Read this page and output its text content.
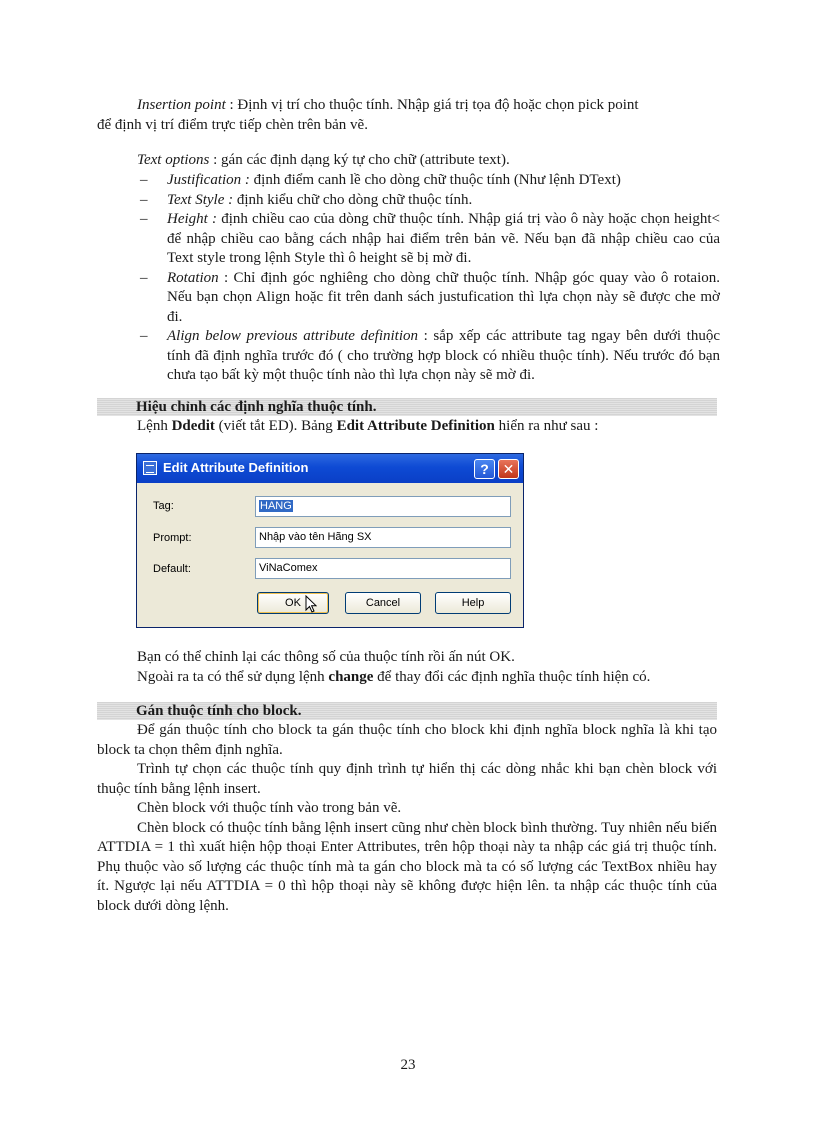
Insertion point : Định vị trí cho thuộc tính. Nhập giá trị tọa độ hoặc chọn pick point

để định vị trí điểm trực tiếp chèn trên bản vẽ.

Text options : gán các định dạng ký tự cho chữ (attribute text).

– Justification : định điểm canh lề cho dòng chữ thuộc tính (Như lệnh DText)
– Text Style : định kiểu chữ cho dòng chữ thuộc tính.
– Height : định chiều cao của dòng chữ thuộc tính. Nhập giá trị vào ô này hoặc chọn height< để nhập chiều cao bằng cách nhập hai điểm trên bản vẽ. Nếu bạn đã nhập chiều cao của Text style trong lệnh Style thì ô height sẽ bị mờ đi.
– Rotation : Chỉ định góc nghiêng cho dòng chữ thuộc tính. Nhập góc quay vào ô rotaion. Nếu bạn chọn Align hoặc fit trên danh sách justufication thì lựa chọn này sẽ được che mờ đi.
– Align below previous attribute definition : sắp xếp các attribute tag ngay bên dưới thuộc tính đã định nghĩa trước đó ( cho trường hợp block có nhiều thuộc tính). Nếu trước đó bạn chưa tạo bất kỳ một thuộc tính nào thì lựa chọn này sẽ mờ đi.
Hiệu chỉnh các định nghĩa thuộc tính.
Lệnh Ddedit (viết tắt ED). Bảng Edit Attribute Definition hiển ra như sau :
Edit Attribute Definition	? ✕
Tag:	HANG
Prompt:	Nhập vào tên Hãng SX
Default:	ViNaComex
OK	Cancel	Help

Bạn có thể chỉnh lại các thông số của thuộc tính rồi ấn nút OK.

Ngoài ra ta có thể sử dụng lệnh change để thay đổi các định nghĩa thuộc tính hiện có.

Gán thuộc tính cho block.

Để gán thuộc tính cho block ta gán thuộc tính cho block khi định nghĩa block nghĩa là khi tạo block ta chọn thêm định nghĩa.

Trình tự chọn các thuộc tính quy định trình tự hiển thị các dòng nhắc khi bạn chèn block với thuộc tính bằng lệnh insert.

Chèn block với thuộc tính vào trong bản vẽ.

Chèn block có thuộc tính bằng lệnh insert cũng như chèn block bình thường. Tuy nhiên nếu biến ATTDIA = 1 thì xuất hiện hộp thoại Enter Attributes, trên hộp thoại này ta nhập các giá trị thuộc tính. Phụ thuộc vào số lượng các thuộc tính mà ta gán cho block mà ta có số lượng các TextBox nhiều hay ít. Ngược lại nếu ATTDIA = 0 thì hộp thoại này sẽ không được hiện lên. ta nhập các thuộc tính của block dưới dòng lệnh.

23
